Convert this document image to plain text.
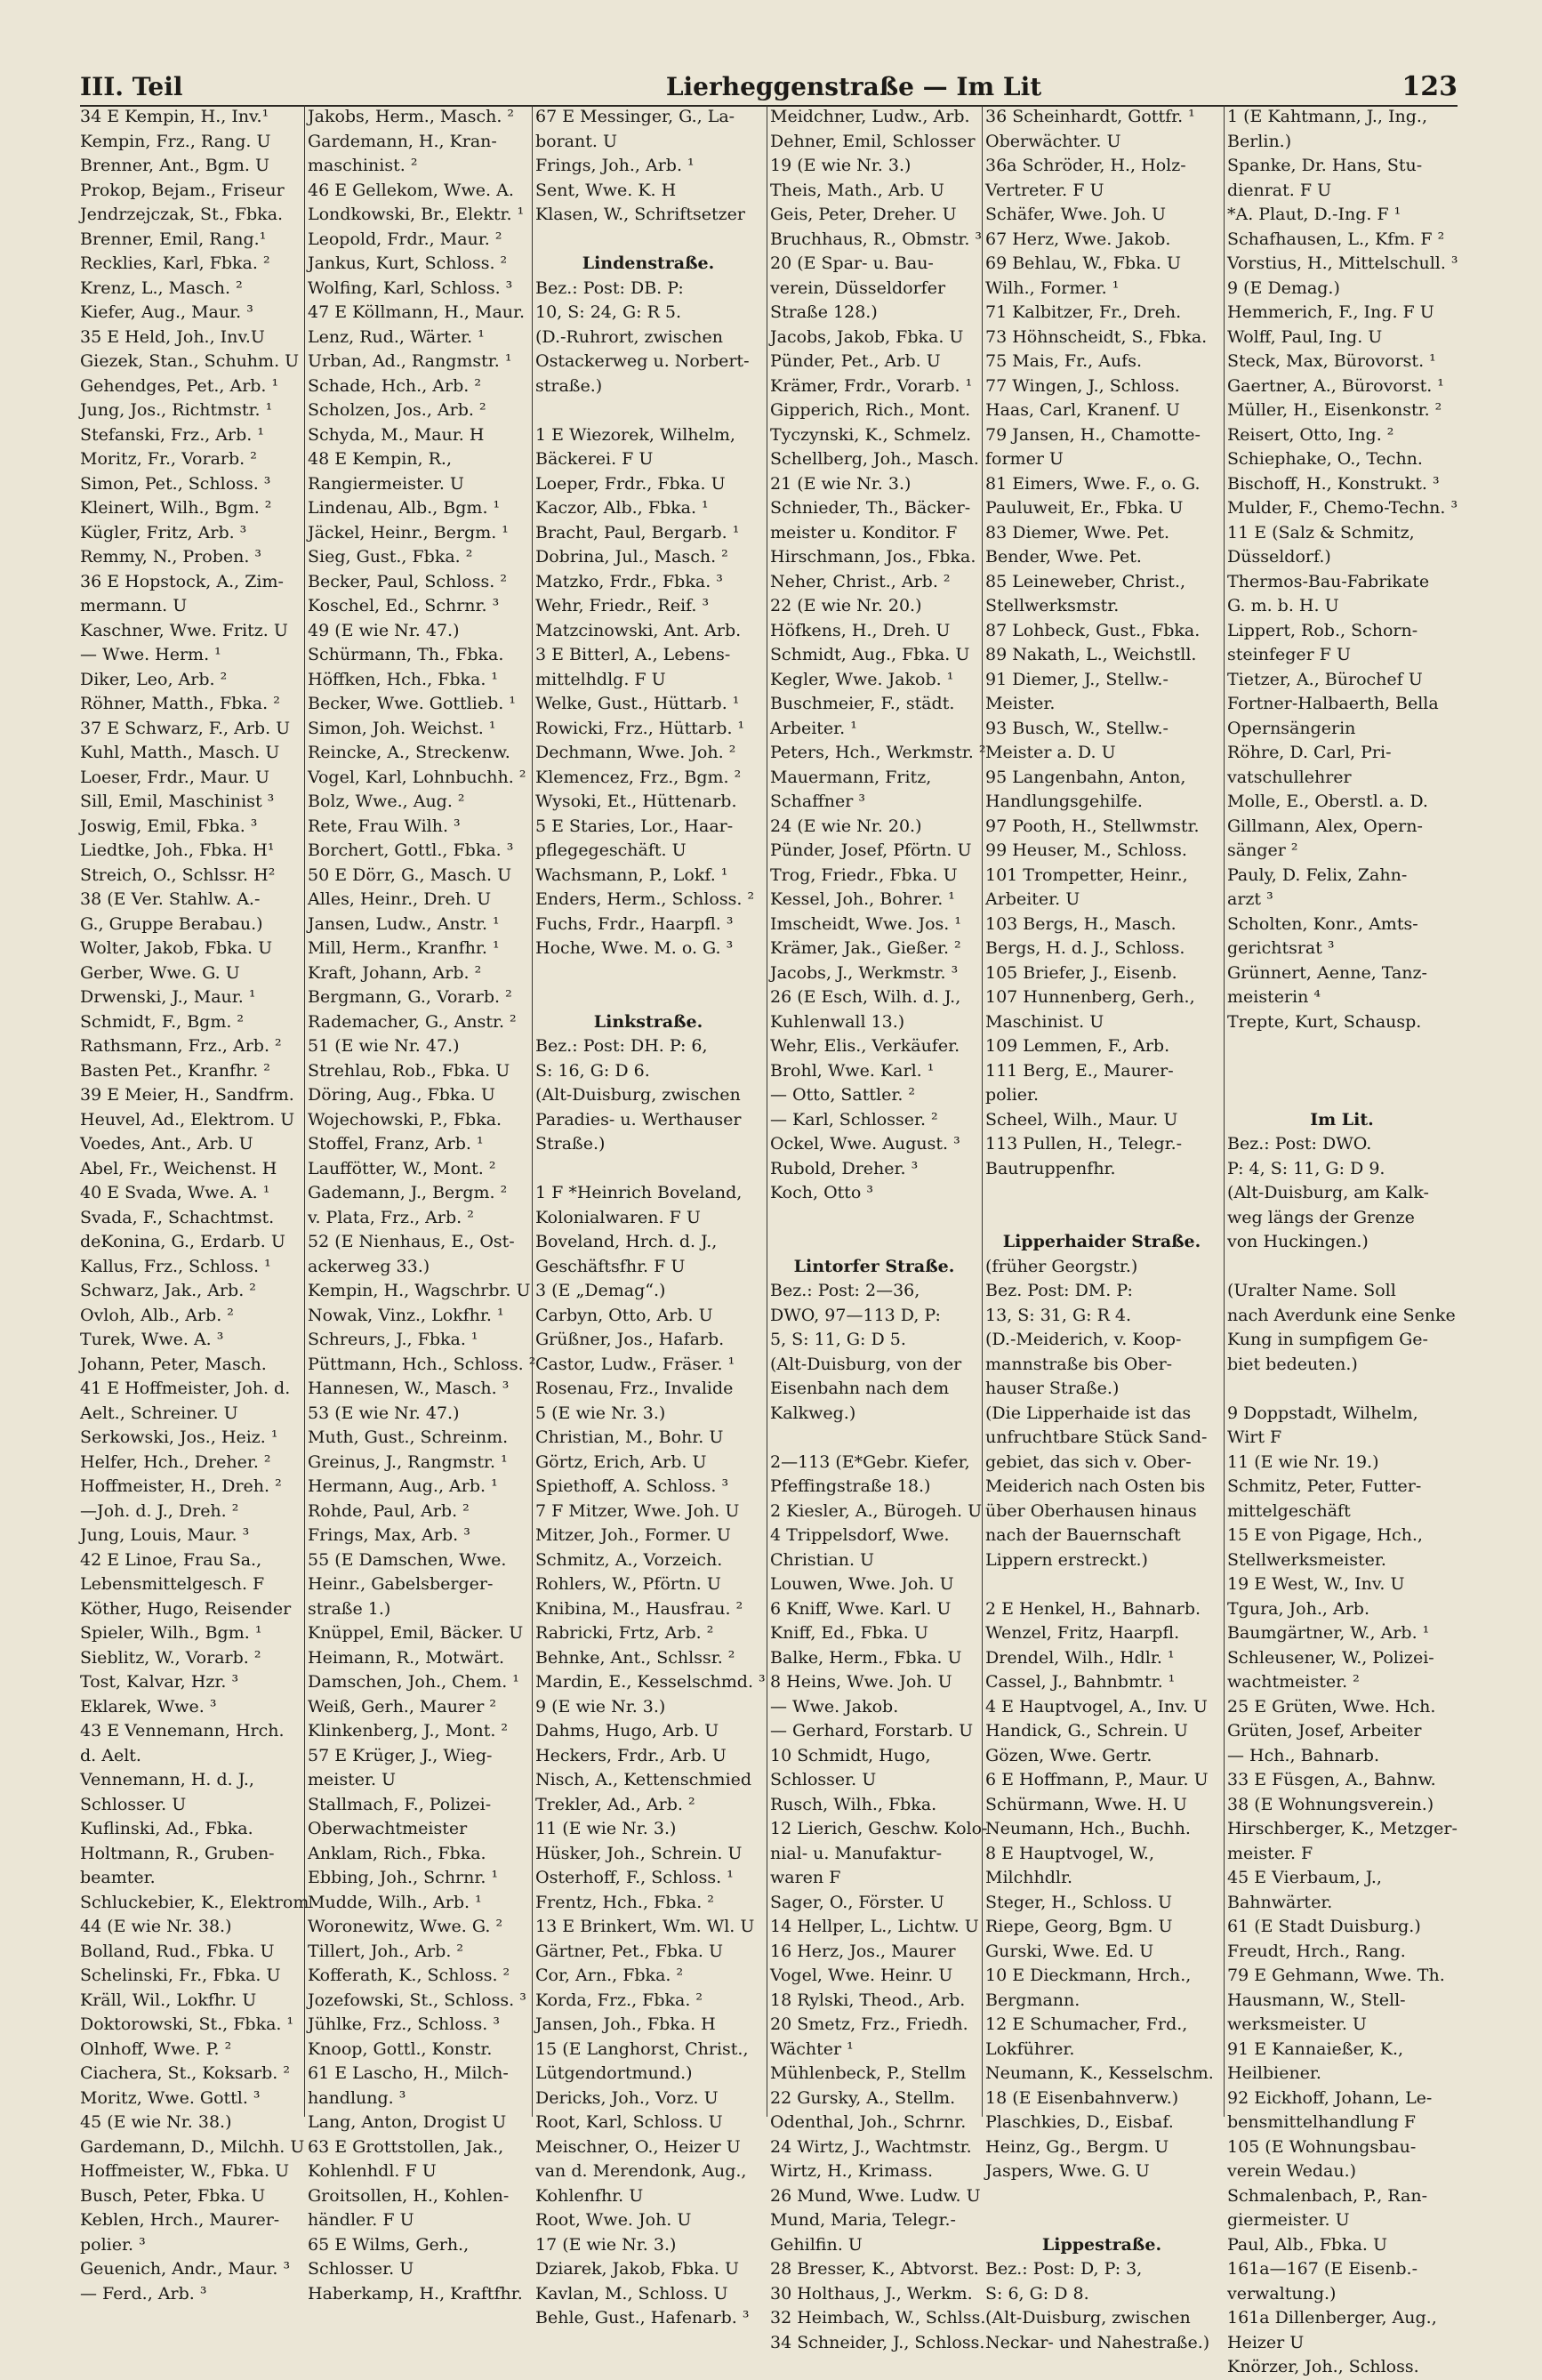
III. Teil	Lierheggenstraße — Im Lit	123
34 E Kempin, H., Inv.¹
Kempin, Frz., Rang. U
Brenner, Ant., Bgm. U
Prokop, Bejam., Friseur
Jendrzejczak, St., Fbka.
Brenner, Emil, Rang.¹
Recklies, Karl, Fbka. ²
Krenz, L., Masch. ²
Kiefer, Aug., Maur. ³
35 E Held, Joh., Inv.U
Giezek, Stan., Schuhm. U
Gehendges, Pet., Arb. ¹
Jung, Jos., Richtmstr. ¹
Stefanski, Frz., Arb. ¹
Moritz, Fr., Vorarb. ²
Simon, Pet., Schloss. ³
Kleinert, Wilh., Bgm. ²
Kügler, Fritz, Arb. ³
Remmy, N., Proben. ³
36 E Hopstock, A., Zim-
mermann. U
Kaschner, Wwe. Fritz. U
— Wwe. Herm. ¹
Diker, Leo, Arb. ²
Röhner, Matth., Fbka. ²
37 E Schwarz, F., Arb. U
Kuhl, Matth., Masch. U
Loeser, Frdr., Maur. U
Sill, Emil, Maschinist ³
Joswig, Emil, Fbka. ³
Liedtke, Joh., Fbka. H¹
Streich, O., Schlssr. H²
38 (E Ver. Stahlw. A.-
G., Gruppe Berabau.)
Wolter, Jakob, Fbka. U
Gerber, Wwe. G. U
Drwenski, J., Maur. ¹
Schmidt, F., Bgm. ²
Rathsmann, Frz., Arb. ²
Basten Pet., Kranfhr. ²
39 E Meier, H., Sandfrm.
Heuvel, Ad., Elektrom. U
Voedes, Ant., Arb. U
Abel, Fr., Weichenst. H
40 E Svada, Wwe. A. ¹
Svada, F., Schachtmst.
deKonina, G., Erdarb. U
Kallus, Frz., Schloss. ¹
Schwarz, Jak., Arb. ²
Ovloh, Alb., Arb. ²
Turek, Wwe. A. ³
Johann, Peter, Masch.
41 E Hoffmeister, Joh. d.
Aelt., Schreiner. U
Serkowski, Jos., Heiz. ¹
Helfer, Hch., Dreher. ²
Hoffmeister, H., Dreh. ²
—Joh. d. J., Dreh. ²
Jung, Louis, Maur. ³
42 E Linoe, Frau Sa.,
Lebensmittelgesch. F
Köther, Hugo, Reisender
Spieler, Wilh., Bgm. ¹
Sieblitz, W., Vorarb. ²
Tost, Kalvar, Hzr. ³
Eklarek, Wwe. ³
43 E Vennemann, Hrch.
d. Aelt.
Vennemann, H. d. J.,
Schlosser. U
Kuflinski, Ad., Fbka.
Holtmann, R., Gruben-
beamter.
Schluckebier, K., Elektrom
44 (E wie Nr. 38.)
Bolland, Rud., Fbka. U
Schelinski, Fr., Fbka. U
Kräll, Wil., Lokfhr. U
Doktorowski, St., Fbka. ¹
Olnhoff, Wwe. P. ²
Ciachera, St., Koksarb. ²
Moritz, Wwe. Gottl. ³
45 (E wie Nr. 38.)
Gardemann, D., Milchh. U
Hoffmeister, W., Fbka. U
Busch, Peter, Fbka. U
Keblen, Hrch., Maurer-
polier. ³
Geuenich, Andr., Maur. ³
— Ferd., Arb. ³
Jakobs, Herm., Masch. ²
Gardemann, H., Kran-
maschinist. ²
46 E Gellekom, Wwe. A.
Londkowski, Br., Elektr. ¹
Leopold, Frdr., Maur. ²
Jankus, Kurt, Schloss. ²
Wolfing, Karl, Schloss. ³
47 E Köllmann, H., Maur.
Lenz, Rud., Wärter. ¹
Urban, Ad., Rangmstr. ¹
Schade, Hch., Arb. ²
Scholzen, Jos., Arb. ²
Schyda, M., Maur. H
48 E Kempin, R.,
Rangiermeister. U
Lindenau, Alb., Bgm. ¹
Jäckel, Heinr., Bergm. ¹
Sieg, Gust., Fbka. ²
Becker, Paul, Schloss. ²
Koschel, Ed., Schrnr. ³
49 (E wie Nr. 47.)
Schürmann, Th., Fbka.
Höffken, Hch., Fbka. ¹
Becker, Wwe. Gottlieb. ¹
Simon, Joh. Weichst. ¹
Reincke, A., Streckenw.
Vogel, Karl, Lohnbuchh. ²
Bolz, Wwe., Aug. ²
Rete, Frau Wilh. ³
Borchert, Gottl., Fbka. ³
50 E Dörr, G., Masch. U
Alles, Heinr., Dreh. U
Jansen, Ludw., Anstr. ¹
Mill, Herm., Kranfhr. ¹
Kraft, Johann, Arb. ²
Bergmann, G., Vorarb. ²
Rademacher, G., Anstr. ²
51 (E wie Nr. 47.)
Strehlau, Rob., Fbka. U
Döring, Aug., Fbka. U
Wojechowski, P., Fbka.
Stoffel, Franz, Arb. ¹
Lauffötter, W., Mont. ²
Gademann, J., Bergm. ²
v. Plata, Frz., Arb. ²
52 (E Nienhaus, E., Ost-
ackerweg 33.)
Kempin, H., Wagschrbr. U
Nowak, Vinz., Lokfhr. ¹
Schreurs, J., Fbka. ¹
Püttmann, Hch., Schloss. ²
Hannesen, W., Masch. ³
53 (E wie Nr. 47.)
Muth, Gust., Schreinm.
Greinus, J., Rangmstr. ¹
Hermann, Aug., Arb. ¹
Rohde, Paul, Arb. ²
Frings, Max, Arb. ³
55 (E Damschen, Wwe.
Heinr., Gabelsberger-
straße 1.)
Knüppel, Emil, Bäcker. U
Heimann, R., Motwärt.
Damschen, Joh., Chem. ¹
Weiß, Gerh., Maurer ²
Klinkenberg, J., Mont. ²
57 E Krüger, J., Wieg-
meister. U
Stallmach, F., Polizei-
Oberwachtmeister
Anklam, Rich., Fbka.
Ebbing, Joh., Schrnr. ¹
Mudde, Wilh., Arb. ¹
Woronewitz, Wwe. G. ²
Tillert, Joh., Arb. ²
Kofferath, K., Schloss. ²
Jozefowski, St., Schloss. ³
Jühlke, Frz., Schloss. ³
Knoop, Gottl., Konstr.
61 E Lascho, H., Milch-
handlung. ³
Lang, Anton, Drogist U
63 E Grottstollen, Jak.,
Kohlenhdl. F U
Groitsollen, H., Kohlen-
händler. F U
65 E Wilms, Gerh.,
Schlosser. U
Haberkamp, H., Kraftfhr.
67 E Messinger, G., La-
borant. U
Frings, Joh., Arb. ¹
Sent, Wwe. K. H
Klasen, W., Schriftsetzer
Lindenstraße.
Bez.: Post: DB. P:
10, S: 24, G: R 5.
(D.-Ruhrort, zwischen
Ostackerweg u. Norbert-
straße.)
1 E Wiezorek, Wilhelm,
Bäckerei. F U
Loeper, Frdr., Fbka. U
Kaczor, Alb., Fbka. ¹
Bracht, Paul, Bergarb. ¹
Dobrina, Jul., Masch. ²
Matzko, Frdr., Fbka. ³
Wehr, Friedr., Reif. ³
Matzcinowski, Ant. Arb.
3 E Bitterl, A., Lebens-
mittelhdlg. F U
Welke, Gust., Hüttarb. ¹
Rowicki, Frz., Hüttarb. ¹
Dechmann, Wwe. Joh. ²
Klemencez, Frz., Bgm. ²
Wysoki, Et., Hüttenarb.
5 E Staries, Lor., Haar-
pflegegeschäft. U
Wachsmann, P., Lokf. ¹
Enders, Herm., Schloss. ²
Fuchs, Frdr., Haarpfl. ³
Hoche, Wwe. M. o. G. ³
Linkstraße.
Bez.: Post: DH. P: 6,
S: 16, G: D 6.
(Alt-Duisburg, zwischen
Paradies- u. Werthauser
Straße.)
1 F *Heinrich Boveland,
Kolonialwaren. F U
Boveland, Hrch. d. J.,
Geschäftsfhr. F U
3 (E „Demag“.)
Carbyn, Otto, Arb. U
Grüßner, Jos., Hafarb.
Castor, Ludw., Fräser. ¹
Rosenau, Frz., Invalide
5 (E wie Nr. 3.)
Christian, M., Bohr. U
Görtz, Erich, Arb. U
Spiethoff, A. Schloss. ³
7 F Mitzer, Wwe. Joh. U
Mitzer, Joh., Former. U
Schmitz, A., Vorzeich.
Rohlers, W., Pförtn. U
Knibina, M., Hausfrau. ²
Rabricki, Frtz, Arb. ²
Behnke, Ant., Schlssr. ²
Mardin, E., Kesselschmd. ³
9 (E wie Nr. 3.)
Dahms, Hugo, Arb. U
Heckers, Frdr., Arb. U
Nisch, A., Kettenschmied
Trekler, Ad., Arb. ²
11 (E wie Nr. 3.)
Hüsker, Joh., Schrein. U
Osterhoff, F., Schloss. ¹
Frentz, Hch., Fbka. ²
13 E Brinkert, Wm. Wl. U
Gärtner, Pet., Fbka. U
Cor, Arn., Fbka. ²
Korda, Frz., Fbka. ²
Jansen, Joh., Fbka. H
15 (E Langhorst, Christ.,
Lütgendortmund.)
Dericks, Joh., Vorz. U
Root, Karl, Schloss. U
Meischner, O., Heizer U
van d. Merendonk, Aug.,
Kohlenfhr. U
Root, Wwe. Joh. U
17 (E wie Nr. 3.)
Dziarek, Jakob, Fbka. U
Kavlan, M., Schloss. U
Behle, Gust., Hafenarb. ³
Meidchner, Ludw., Arb.
Dehner, Emil, Schlosser
19 (E wie Nr. 3.)
Theis, Math., Arb. U
Geis, Peter, Dreher. U
Bruchhaus, R., Obmstr. ³
20 (E Spar- u. Bau-
verein, Düsseldorfer
Straße 128.)
Jacobs, Jakob, Fbka. U
Pünder, Pet., Arb. U
Krämer, Frdr., Vorarb. ¹
Gipperich, Rich., Mont.
Tyczynski, K., Schmelz.
Schellberg, Joh., Masch.
21 (E wie Nr. 3.)
Schnieder, Th., Bäcker-
meister u. Konditor. F
Hirschmann, Jos., Fbka.
Neher, Christ., Arb. ²
22 (E wie Nr. 20.)
Höfkens, H., Dreh. U
Schmidt, Aug., Fbka. U
Kegler, Wwe. Jakob. ¹
Buschmeier, F., städt.
Arbeiter. ¹
Peters, Hch., Werkmstr. ²
Mauermann, Fritz,
Schaffner ³
24 (E wie Nr. 20.)
Pünder, Josef, Pförtn. U
Trog, Friedr., Fbka. U
Kessel, Joh., Bohrer. ¹
Imscheidt, Wwe. Jos. ¹
Krämer, Jak., Gießer. ²
Jacobs, J., Werkmstr. ³
26 (E Esch, Wilh. d. J.,
Kuhlenwall 13.)
Wehr, Elis., Verkäufer.
Brohl, Wwe. Karl. ¹
— Otto, Sattler. ²
— Karl, Schlosser. ²
Ockel, Wwe. August. ³
Rubold, Dreher. ³
Koch, Otto ³
Lintorfer Straße.
Bez.: Post: 2—36,
DWO, 97—113 D, P:
5, S: 11, G: D 5.
(Alt-Duisburg, von der
Eisenbahn nach dem
Kalkweg.)
2—113 (E*Gebr. Kiefer,
Pfeffingstraße 18.)
2 Kiesler, A., Bürogeh. U
4 Trippelsdorf, Wwe.
Christian. U
Louwen, Wwe. Joh. U
6 Kniff, Wwe. Karl. U
Kniff, Ed., Fbka. U
Balke, Herm., Fbka. U
8 Heins, Wwe. Joh. U
— Wwe. Jakob.
— Gerhard, Forstarb. U
10 Schmidt, Hugo,
Schlosser. U
Rusch, Wilh., Fbka.
12 Lierich, Geschw. Kolo-
nial- u. Manufaktur-
waren F
Sager, O., Förster. U
14 Hellper, L., Lichtw. U
16 Herz, Jos., Maurer
Vogel, Wwe. Heinr. U
18 Rylski, Theod., Arb.
20 Smetz, Frz., Friedh.
Wächter ¹
Mühlenbeck, P., Stellm
22 Gursky, A., Stellm.
Odenthal, Joh., Schrnr.
24 Wirtz, J., Wachtmstr.
Wirtz, H., Krimass.
26 Mund, Wwe. Ludw. U
Mund, Maria, Telegr.-
Gehilfin. U
28 Bresser, K., Abtvorst.
30 Holthaus, J., Werkm.
32 Heimbach, W., Schlss.
34 Schneider, J., Schloss.
36 Scheinhardt, Gottfr. ¹
Oberwächter. U
36a Schröder, H., Holz-
Vertreter. F U
Schäfer, Wwe. Joh. U
67 Herz, Wwe. Jakob.
69 Behlau, W., Fbka. U
Wilh., Former. ¹
71 Kalbitzer, Fr., Dreh.
73 Höhnscheidt, S., Fbka.
75 Mais, Fr., Aufs.
77 Wingen, J., Schloss.
Haas, Carl, Kranenf. U
79 Jansen, H., Chamotte-
former U
81 Eimers, Wwe. F., o. G.
Pauluweit, Er., Fbka. U
83 Diemer, Wwe. Pet.
Bender, Wwe. Pet.
85 Leineweber, Christ.,
Stellwerksmstr.
87 Lohbeck, Gust., Fbka.
89 Nakath, L., Weichstll.
91 Diemer, J., Stellw.-
Meister.
93 Busch, W., Stellw.-
Meister a. D. U
95 Langenbahn, Anton,
Handlungsgehilfe.
97 Pooth, H., Stellwmstr.
99 Heuser, M., Schloss.
101 Trompetter, Heinr.,
Arbeiter. U
103 Bergs, H., Masch.
Bergs, H. d. J., Schloss.
105 Briefer, J., Eisenb.
107 Hunnenberg, Gerh.,
Maschinist. U
109 Lemmen, F., Arb.
111 Berg, E., Maurer-
polier.
Scheel, Wilh., Maur. U
113 Pullen, H., Telegr.-
Bautruppenfhr.
Lipperhaider Straße.
(früher Georgstr.)
Bez. Post: DM. P:
13, S: 31, G: R 4.
(D.-Meiderich, v. Koop-
mannstraße bis Ober-
hauser Straße.)
(Die Lipperhaide ist das
unfruchtbare Stück Sand-
gebiet, das sich v. Ober-
Meiderich nach Osten bis
über Oberhausen hinaus
nach der Bauernschaft
Lippern erstreckt.)
2 E Henkel, H., Bahnarb.
Wenzel, Fritz, Haarpfl.
Drendel, Wilh., Hdlr. ¹
Cassel, J., Bahnbmtr. ¹
4 E Hauptvogel, A., Inv. U
Handick, G., Schrein. U
Gözen, Wwe. Gertr.
6 E Hoffmann, P., Maur. U
Schürmann, Wwe. H. U
Neumann, Hch., Buchh.
8 E Hauptvogel, W.,
Milchhdlr.
Steger, H., Schloss. U
Riepe, Georg, Bgm. U
Gurski, Wwe. Ed. U
10 E Dieckmann, Hrch.,
Bergmann.
12 E Schumacher, Frd.,
Lokführer.
Neumann, K., Kesselschm.
18 (E Eisenbahnverw.)
Plaschkies, D., Eisbaf.
Heinz, Gg., Bergm. U
Jaspers, Wwe. G. U
Lippestraße.
Bez.: Post: D, P: 3,
S: 6, G: D 8.
(Alt-Duisburg, zwischen
Neckar- und Nahestraße.)
1 (E Kahtmann, J., Ing.,
Berlin.)
Spanke, Dr. Hans, Stu-
dienrat. F U
*A. Plaut, D.-Ing. F ¹
Schafhausen, L., Kfm. F ²
Vorstius, H., Mittelschull. ³
9 (E Demag.)
Hemmerich, F., Ing. F U
Wolff, Paul, Ing. U
Steck, Max, Bürovorst. ¹
Gaertner, A., Bürovorst. ¹
Müller, H., Eisenkonstr. ²
Reisert, Otto, Ing. ²
Schiephake, O., Techn.
Bischoff, H., Konstrukt. ³
Mulder, F., Chemo-Techn. ³
11 E (Salz & Schmitz,
Düsseldorf.)
Thermos-Bau-Fabrikate
G. m. b. H. U
Lippert, Rob., Schorn-
steinfeger F U
Tietzer, A., Bürochef U
Fortner-Halbaerth, Bella
Opernsängerin
Röhre, D. Carl, Pri-
vatschullehrer
Molle, E., Oberstl. a. D.
Gillmann, Alex, Opern-
sänger ²
Pauly, D. Felix, Zahn-
arzt ³
Scholten, Konr., Amts-
gerichtsrat ³
Grünnert, Aenne, Tanz-
meisterin ⁴
Trepte, Kurt, Schausp.
Im Lit.
Bez.: Post: DWO.
P: 4, S: 11, G: D 9.
(Alt-Duisburg, am Kalk-
weg längs der Grenze
von Huckingen.)
(Uralter Name. Soll
nach Averdunk eine Senke
Kung in sumpfigem Ge-
biet bedeuten.)
9 Doppstadt, Wilhelm,
Wirt F
11 (E wie Nr. 19.)
Schmitz, Peter, Futter-
mittelgeschäft
15 E von Pigage, Hch.,
Stellwerksmeister.
19 E West, W., Inv. U
Tgura, Joh., Arb.
Baumgärtner, W., Arb. ¹
Schleusener, W., Polizei-
wachtmeister. ²
25 E Grüten, Wwe. Hch.
Grüten, Josef, Arbeiter
— Hch., Bahnarb.
33 E Füsgen, A., Bahnw.
38 (E Wohnungsverein.)
Hirschberger, K., Metzger-
meister. F
45 E Vierbaum, J.,
Bahnwärter.
61 (E Stadt Duisburg.)
Freudt, Hrch., Rang.
79 E Gehmann, Wwe. Th.
Hausmann, W., Stell-
werksmeister. U
91 E Kannaießer, K.,
Heilbiener.
92 Eickhoff, Johann, Le-
bensmittelhandlung F
105 (E Wohnungsbau-
verein Wedau.)
Schmalenbach, P., Ran-
giermeister. U
Paul, Alb., Fbka. U
161a—167 (E Eisenb.-
verwaltung.)
161a Dillenberger, Aug.,
Heizer U
Knörzer, Joh., Schloss.
